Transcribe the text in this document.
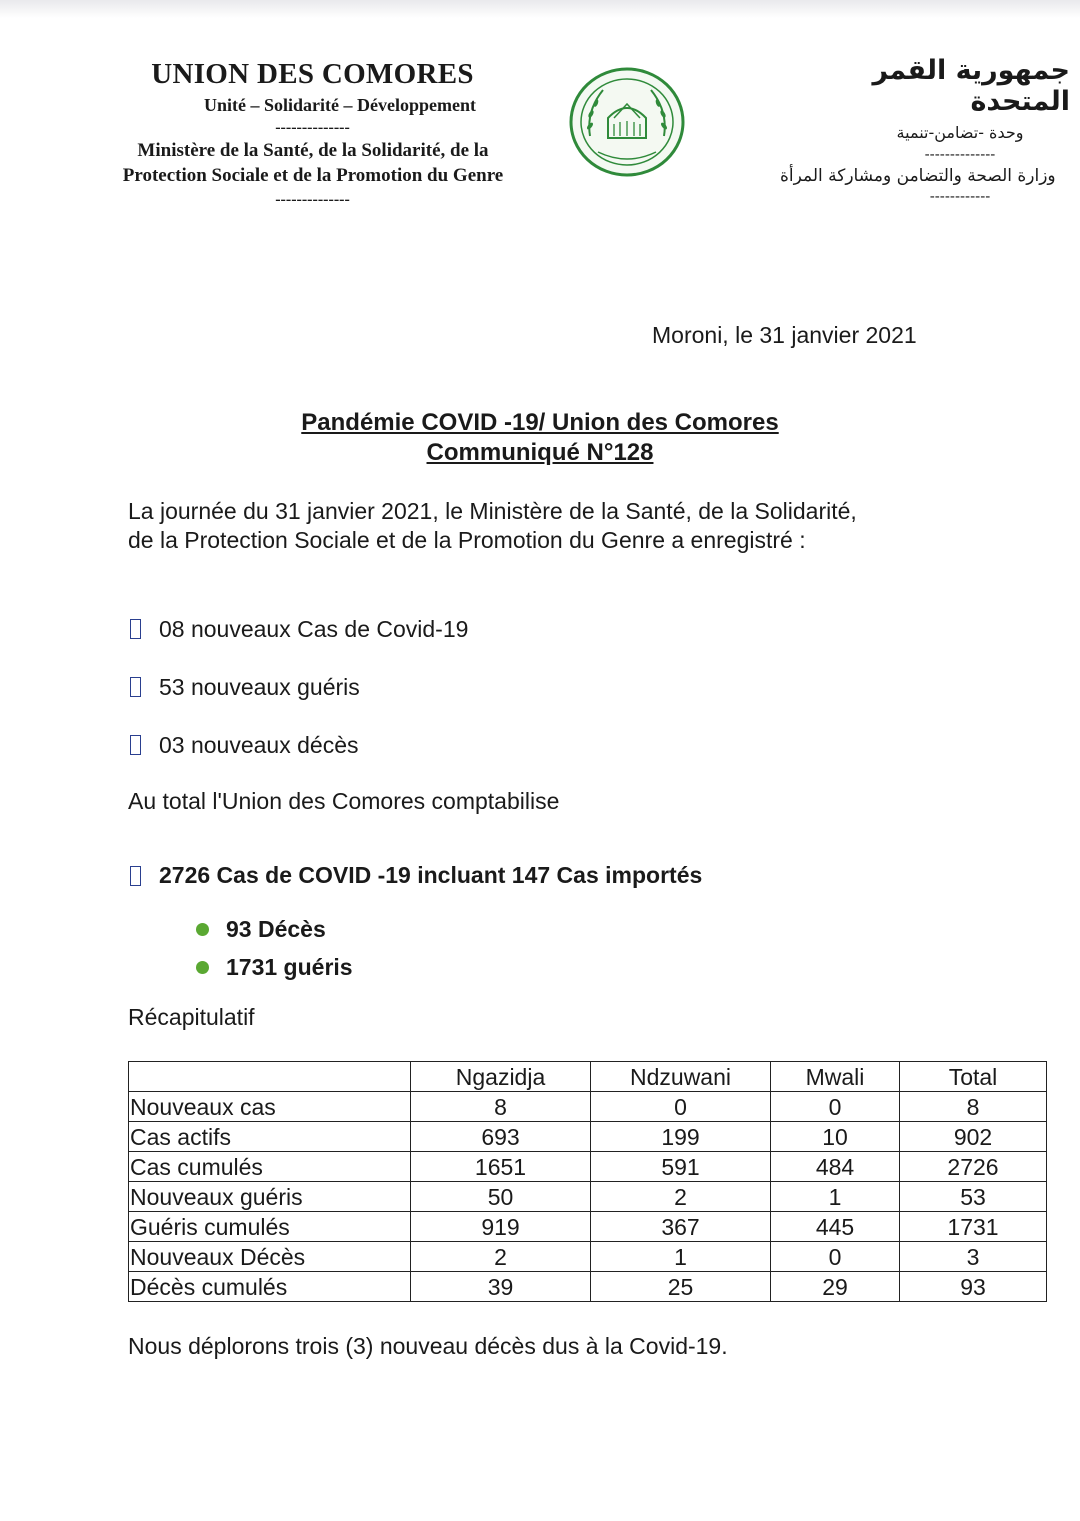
UNION DES COMORES
Unité – Solidarité – Développement
--------------
Ministère de la Santé, de la Solidarité, de la
Protection Sociale et de la Promotion du Genre
--------------
جمهورية القمر المتحدة
وحدة -تضامن-تنمية
--------------
وزارة الصحة والتضامن ومشاركة المرأة
------------
Moroni, le 31 janvier 2021
Pandémie COVID -19/ Union des Comores
Communiqué N°128
La journée du 31 janvier 2021, le Ministère de la Santé, de la Solidarité,
de la Protection Sociale et de la Promotion du Genre a enregistré :
08 nouveaux Cas de Covid-19
53 nouveaux guéris
03 nouveaux décès
Au total l'Union des Comores comptabilise
2726 Cas de COVID -19 incluant 147 Cas importés
93 Décès
1731 guéris
Récapitulatif
	Ngazidja	Ndzuwani	Mwali	Total
Nouveaux cas	8	0	0	8
Cas actifs	693	199	10	902
Cas cumulés	1651	591	484	2726
Nouveaux guéris	50	2	1	53
Guéris cumulés	919	367	445	1731
Nouveaux Décès	2	1	0	3
Décès cumulés	39	25	29	93
Nous déplorons trois (3) nouveau décès dus à la Covid-19.
